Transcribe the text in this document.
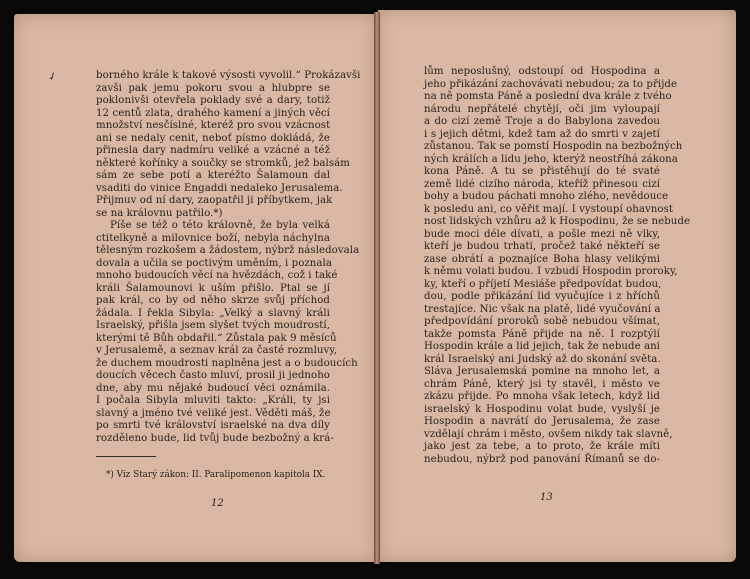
✓	borného krále k takové výsosti vyvolil.“ Prokázavši
zavši pak jemu pokoru svou a hlubpre se
poklonivši otevřela poklady své a dary, totiž
12 centů zlata, drahého kamení a jiných věcí
množství nesčíslné, kteréž pro svou vzácnost
ani se nedaly cenit, neboť písmo dokládá, že
přinesla dary nadmíru veliké a vzácné a též
některé kořínky a součky se stromků, jež balsám
sám ze sebe potí a kteréžto Šalamoun dal
vsaditi do vinice Engaddi nedaleko Jerusalema.
Přijmuv od ní dary, zaopatřil ji příbytkem, jak
se na královnu patřilo.*)
Píše se též o této královně, že byla velká
ctitelkyně a milovnice boží, nebyla náchylna
tělesným rozkošem a žádostem, nýbrž následovala
dovala a učila se poctivým uměním, i poznala
mnoho budoucích věcí na hvězdách, což i také
králi Šalamounovi k uším přišlo. Ptal se jí
pak král, co by od něho skrze svůj příchod
žádala. I řekla Sibyla: „Velký a slavný králi
Israelský, přišla jsem slyšet tvých moudrostí,
kterými tě Bůh obdařil.“ Zůstala pak 9 měsíců
v Jerusalemě, a seznav král za časté rozmluvy,
že duchem moudrosti naplněna jest a o budoucích
doucích věcech často mluví, prosil ji jednoho
dne, aby mu nějaké budoucí věci oznámila.
I počala Sibyla mluviti takto: „Králi, ty jsi
slavný a jméno tvé veliké jest. Věděti máš, že
po smrti tvé království israelské na dva díly
rozděleno bude, lid tvůj bude bezbožný a krá-
*) Viz Starý zákon: II. Paralipomenon kapitola IX.
12
lům neposlušný, odstoupí od Hospodina a
jeho přikázání zachovávati nebudou; za to přijde
na ně pomsta Páně a poslední dva krále z tvého
národu nepřátelé chytějí, oči jim vyloupají
a do cizí země Troje a do Babylona zavedou
i s jejich dětmi, kdež tam až do smrti v zajetí
zůstanou. Tak se pomstí Hospodin na bezbožných
ných králích a lidu jeho, kterýž neostříhá zákona
kona Páně. A tu se přistěhují do té svaté
země lidé cizího národa, kteříž přinesou cizí
bohy a budou páchati mnoho zlého, nevědouce
k posledu ani, co věřit mají. I vystoupí ohavnost
nost lidských vzhůru až k Hospodinu, že se nebude
bude moci déle dívati, a pošle mezi ně vlky,
kteří je budou trhati, pročež také někteří se
zase obrátí a poznajíce Boha hlasy velikými
k němu volati budou. I vzbudí Hospodin proroky,
ky, kteří o příjetí Mesiáše předpovídat budou,
dou, podle přikázání lid vyučujíce i z hříchů
trestajíce. Nic však na platě, lidé vyučování a
předpovídání proroků sobě nebudou všímat,
takže pomsta Páně přijde na ně. I rozptýlí
Hospodin krále a lid jejich, tak že nebude ani
král Israelský ani Judský až do skonání světa.
Sláva Jerusalemská pomine na mnoho let, a
chrám Páně, který jsi ty stavěl, i město ve
zkázu přijde. Po mnoha však letech, když lid
israelský k Hospodinu volat bude, vyslyší je
Hospodin a navrátí do Jerusalema, že zase
vzdělají chrám i město, ovšem nikdy tak slavně,
jako jest za tebe, a to proto, že krále míti
nebudou, nýbrž pod panování Římanů se do-
13
